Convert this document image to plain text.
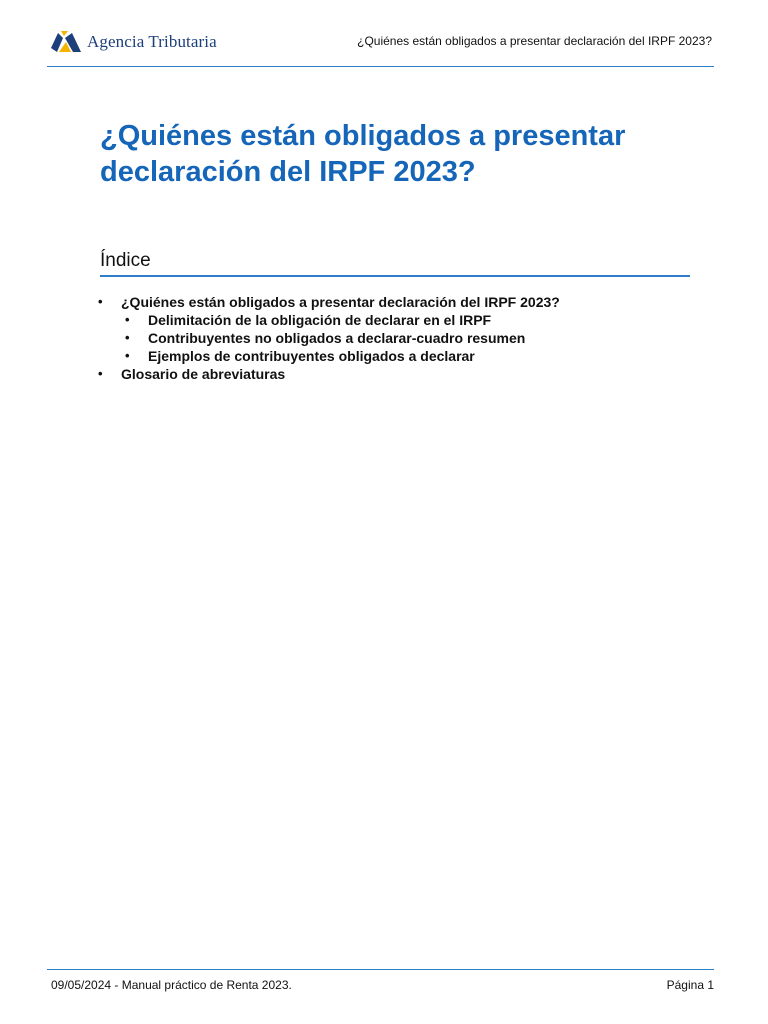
Agencia Tributaria	¿Quiénes están obligados a presentar declaración del IRPF 2023?
¿Quiénes están obligados a presentar declaración del IRPF 2023?
Índice
• ¿Quiénes están obligados a presentar declaración del IRPF 2023?
• Delimitación de la obligación de declarar en el IRPF
• Contribuyentes no obligados a declarar-cuadro resumen
• Ejemplos de contribuyentes obligados a declarar
• Glosario de abreviaturas
09/05/2024 - Manual práctico de Renta 2023.	Página 1
